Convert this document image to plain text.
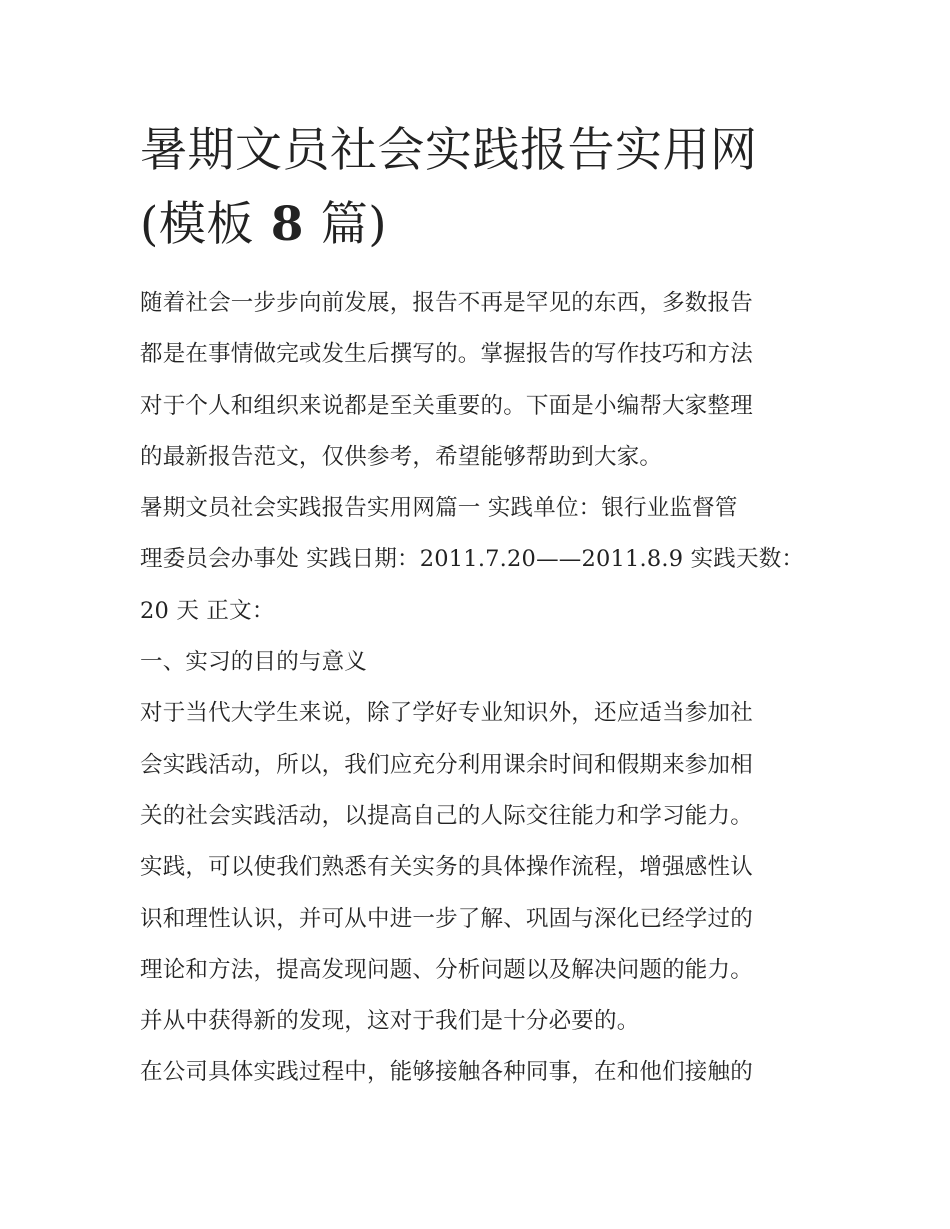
暑期文员社会实践报告实用网
(模板 8 篇)

随着社会一步步向前发展，报告不再是罕见的东西，多数报告
都是在事情做完或发生后撰写的。掌握报告的写作技巧和方法
对于个人和组织来说都是至关重要的。下面是小编帮大家整理
的最新报告范文，仅供参考，希望能够帮助到大家。

暑期文员社会实践报告实用网篇一 实践单位：银行业监督管
理委员会办事处 实践日期：2011.7.20——2011.8.9 实践天数：
20 天 正文：

一、实习的目的与意义

对于当代大学生来说，除了学好专业知识外，还应适当参加社
会实践活动，所以，我们应充分利用课余时间和假期来参加相
关的社会实践活动，以提高自己的人际交往能力和学习能力。
实践，可以使我们熟悉有关实务的具体操作流程，增强感性认
识和理性认识，并可从中进一步了解、巩固与深化已经学过的
理论和方法，提高发现问题、分析问题以及解决问题的能力。
并从中获得新的发现，这对于我们是十分必要的。

在公司具体实践过程中，能够接触各种同事，在和他们接触的
